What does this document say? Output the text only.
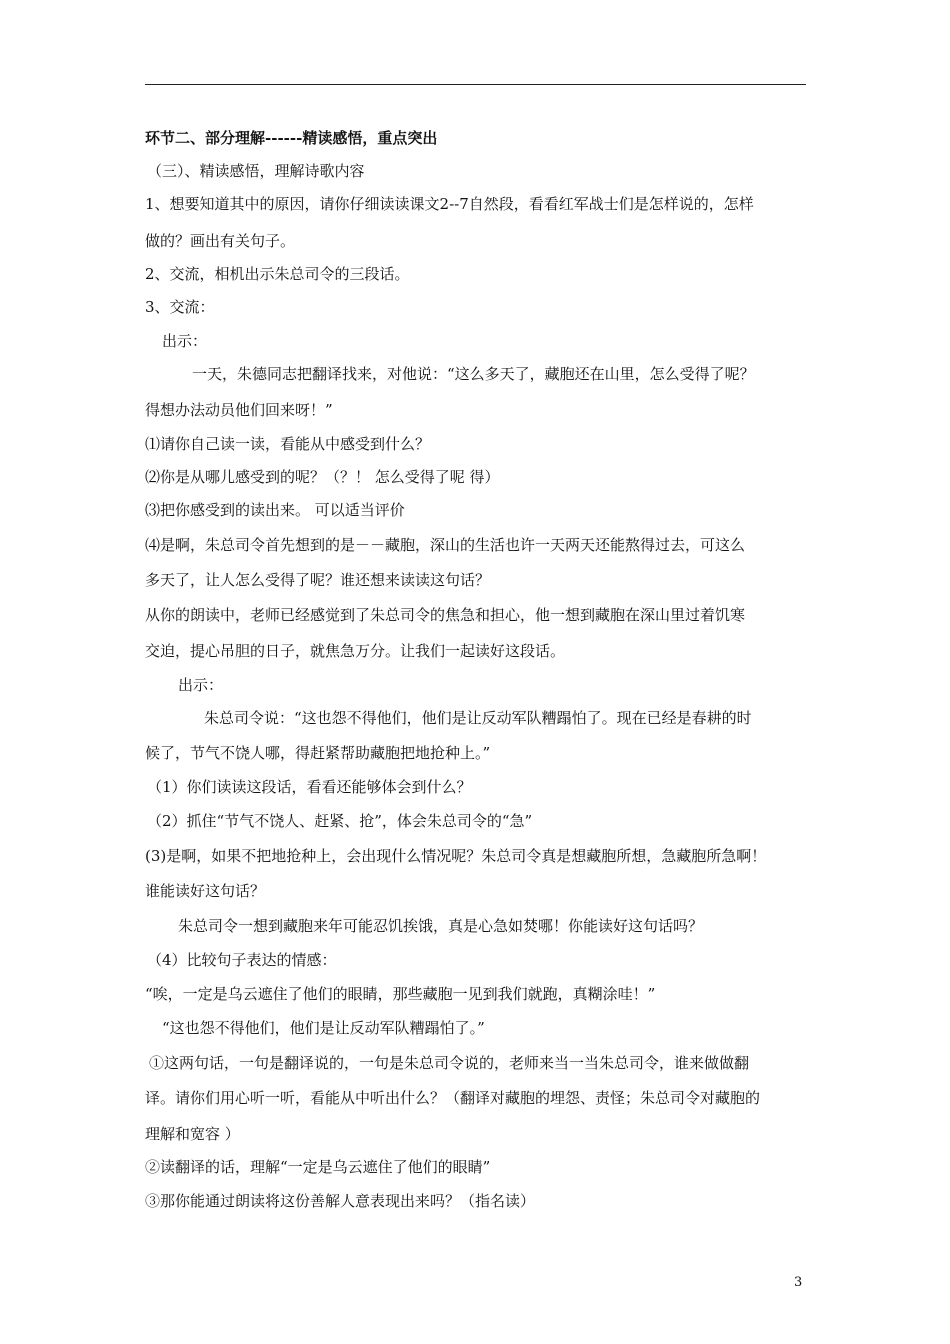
环节二、部分理解------精读感悟，重点突出
（三）、精读感悟，理解诗歌内容
1、想要知道其中的原因，请你仔细读读课文2--7自然段，看看红军战士们是怎样说的，怎样
做的？画出有关句子。
2、交流，相机出示朱总司令的三段话。
3、交流：
出示：
一天，朱德同志把翻译找来，对他说：“这么多天了，藏胞还在山里，怎么受得了呢？
得想办法动员他们回来呀！”
⑴请你自己读一读，看能从中感受到什么？
⑵你是从哪儿感受到的呢？（？！ 怎么受得了呢 得）
⑶把你感受到的读出来。 可以适当评价
⑷是啊，朱总司令首先想到的是－－藏胞，深山的生活也许一天两天还能熬得过去，可这么
多天了，让人怎么受得了呢？谁还想来读读这句话？
从你的朗读中，老师已经感觉到了朱总司令的焦急和担心，他一想到藏胞在深山里过着饥寒
交迫，提心吊胆的日子，就焦急万分。让我们一起读好这段话。
出示：
朱总司令说：“这也怨不得他们，他们是让反动军队糟蹋怕了。现在已经是春耕的时
候了，节气不饶人哪，得赶紧帮助藏胞把地抢种上。”
（1）你们读读这段话，看看还能够体会到什么？
（2）抓住“节气不饶人、赶紧、抢”，体会朱总司令的“急”
(3)是啊，如果不把地抢种上，会出现什么情况呢？朱总司令真是想藏胞所想，急藏胞所急啊！
谁能读好这句话？
朱总司令一想到藏胞来年可能忍饥挨饿，真是心急如焚哪！你能读好这句话吗？
（4）比较句子表达的情感：
“唉，一定是乌云遮住了他们的眼睛，那些藏胞一见到我们就跑，真糊涂哇！”
“这也怨不得他们，他们是让反动军队糟蹋怕了。”
①这两句话，一句是翻译说的，一句是朱总司令说的，老师来当一当朱总司令，谁来做做翻
译。请你们用心听一听，看能从中听出什么？（翻译对藏胞的埋怨、责怪；朱总司令对藏胞的
理解和宽容 ）
②读翻译的话，理解“一定是乌云遮住了他们的眼睛”
③那你能通过朗读将这份善解人意表现出来吗？（指名读）
3
